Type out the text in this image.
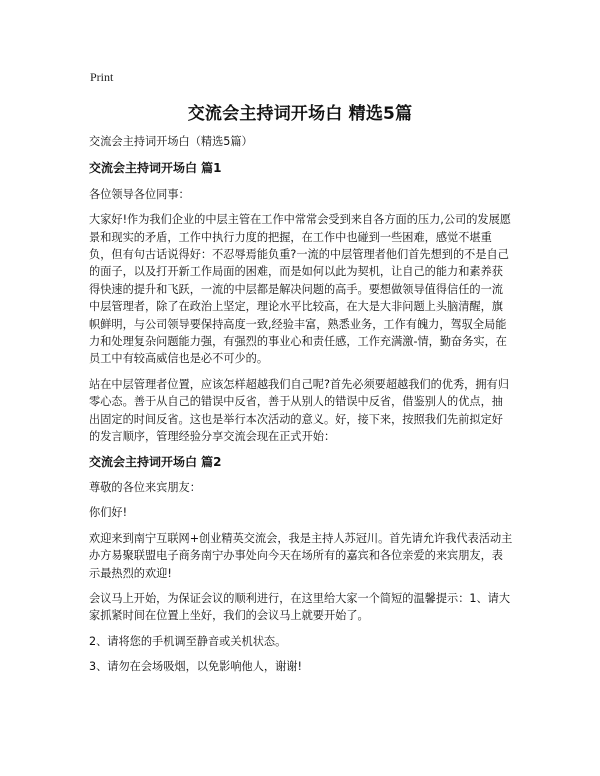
Print
交流会主持词开场白 精选5篇

交流会主持词开场白（精选5篇）

交流会主持词开场白 篇1

各位领导各位同事：

大家好!作为我们企业的中层主管在工作中常常会受到来自各方面的压力,公司的发展愿景和现实的矛盾，工作中执行力度的把握，在工作中也碰到一些困难，感觉不堪重负，但有句古话说得好：不忍辱焉能负重?一流的中层管理者他们首先想到的不是自己的面子，以及打开新工作局面的困难，而是如何以此为契机，让自己的能力和素养获得快速的提升和飞跃，一流的中层都是解决问题的高手。要想做领导值得信任的一流中层管理者，除了在政治上坚定，理论水平比较高，在大是大非问题上头脑清醒，旗帜鲜明，与公司领导要保持高度一致,经验丰富，熟悉业务，工作有魄力，驾驭全局能力和处理复杂问题能力强，有强烈的事业心和责任感，工作充满激-情，勤奋务实，在员工中有较高威信也是必不可少的。

站在中层管理者位置，应该怎样超越我们自己呢?首先必须要超越我们的优秀，拥有归零心态。善于从自己的错误中反省，善于从别人的错误中反省，借鉴别人的优点，抽出固定的时间反省。这也是举行本次活动的意义。好，接下来，按照我们先前拟定好的发言顺序，管理经验分享交流会现在正式开始：

交流会主持词开场白 篇2

尊敬的各位来宾朋友：

你们好!

欢迎来到南宁互联网+创业精英交流会，我是主持人苏冠川。首先请允许我代表活动主办方易聚联盟电子商务南宁办事处向今天在场所有的嘉宾和各位亲爱的来宾朋友，表示最热烈的欢迎!

会议马上开始，为保证会议的顺利进行，在这里给大家一个简短的温馨提示：1、请大家抓紧时间在位置上坐好，我们的会议马上就要开始了。

2、请将您的手机调至静音或关机状态。

3、请勿在会场吸烟，以免影响他人，谢谢!
